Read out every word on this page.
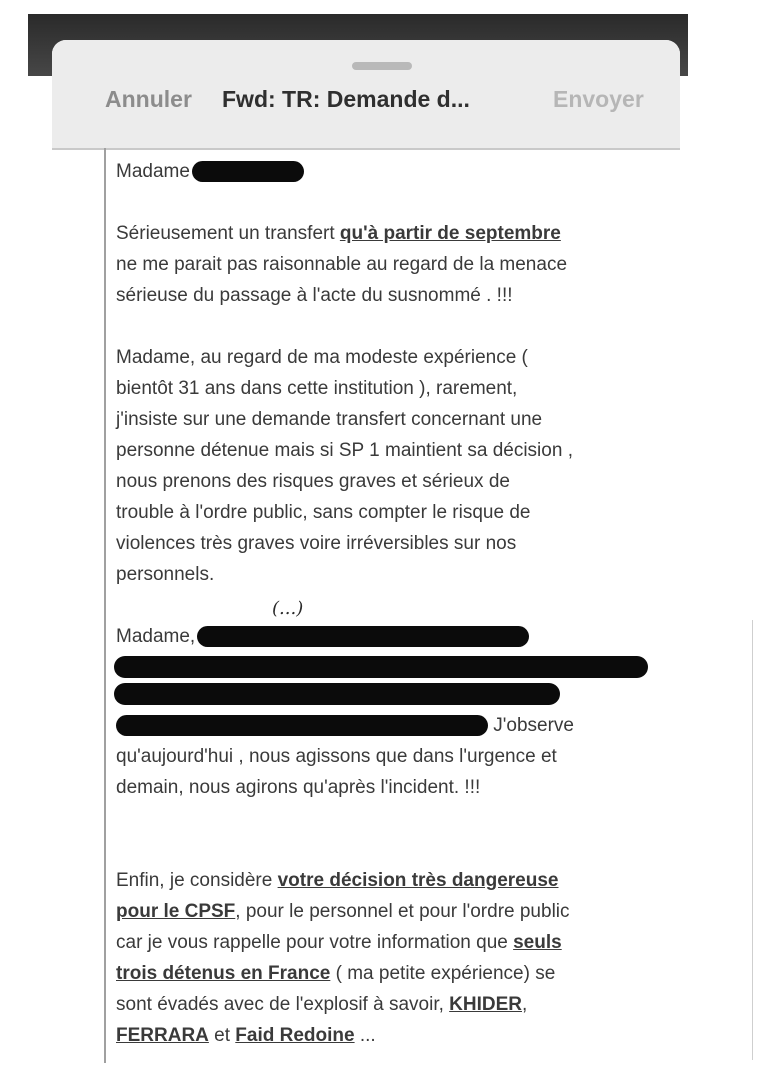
Annuler Fwd: TR: Demande d...	Envoyer
(...)
Madame
Sérieusement un transfert qu'à partir de septembre
ne me parait pas raisonnable au regard de la menace
sérieuse du passage à l'acte du susnommé . !!!
Madame, au regard de ma modeste expérience (
bientôt 31 ans dans cette institution ), rarement,
j'insiste sur une demande transfert concernant une
personne détenue mais si SP 1 maintient sa décision ,
nous prenons des risques graves et sérieux de
trouble à l'ordre public, sans compter le risque de
violences très graves voire irréversibles sur nos
personnels.
Madame,
J'observe
qu'aujourd'hui , nous agissons que dans l'urgence et
demain, nous agirons qu'après l'incident. !!!
Enfin, je considère votre décision très dangereuse
pour le CPSF, pour le personnel et pour l'ordre public
car je vous rappelle pour votre information que seuls
trois détenus en France ( ma petite expérience) se
sont évadés avec de l'explosif à savoir, KHIDER,
FERRARA et Faid Redoine ...
